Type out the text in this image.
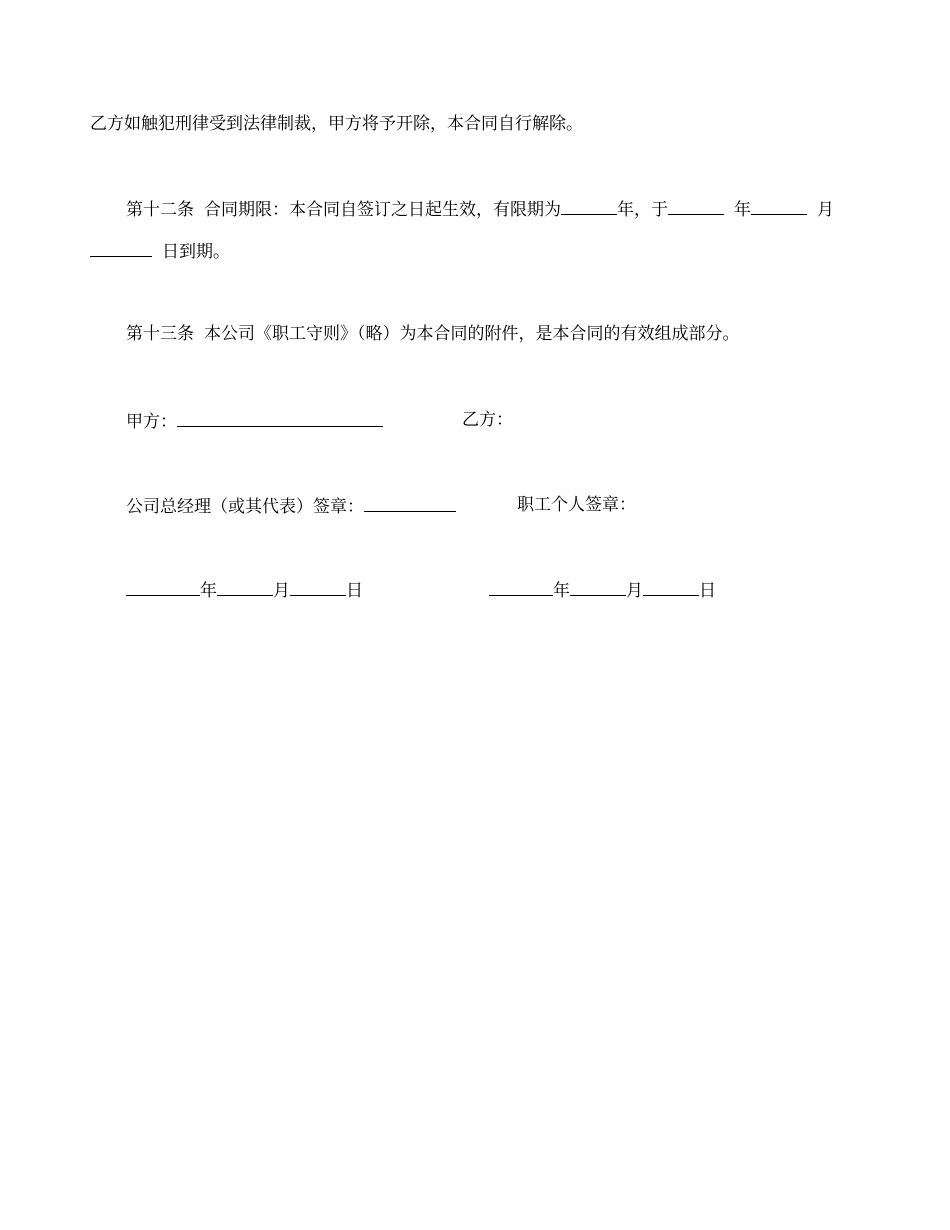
乙方如触犯刑律受到法律制裁，甲方将予开除，本合同自行解除。
第十二条 合同期限：本合同自签订之日起生效，有限期为	年，于	年	月
日到期。
第十三条 本公司《职工守则》（略）为本合同的附件，是本合同的有效组成部分。
甲方：	乙方：
公司总经理（或其代表）签章：	职工个人签章：
年	月	日	年	月	日
